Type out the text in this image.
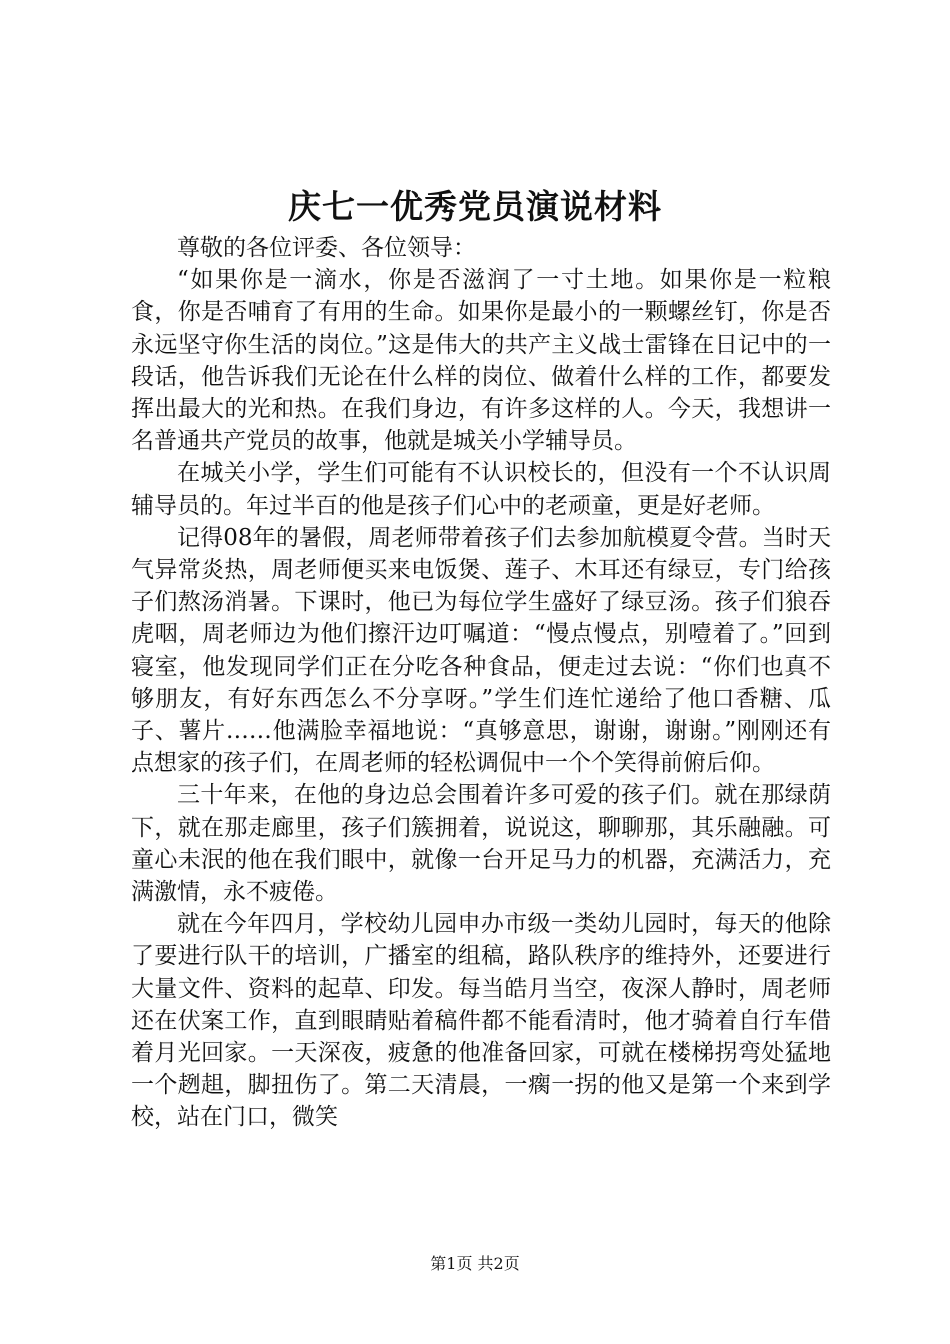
庆七一优秀党员演说材料

尊敬的各位评委、各位领导：

“如果你是一滴水，你是否滋润了一寸土地。如果你是一粒粮食，你是否哺育了有用的生命。如果你是最小的一颗螺丝钉，你是否永远坚守你生活的岗位。”这是伟大的共产主义战士雷锋在日记中的一段话，他告诉我们无论在什么样的岗位、做着什么样的工作，都要发挥出最大的光和热。在我们身边，有许多这样的人。今天，我想讲一名普通共产党员的故事，他就是城关小学辅导员。

在城关小学，学生们可能有不认识校长的，但没有一个不认识周辅导员的。年过半百的他是孩子们心中的老顽童，更是好老师。

记得08年的暑假，周老师带着孩子们去参加航模夏令营。当时天气异常炎热，周老师便买来电饭煲、莲子、木耳还有绿豆，专门给孩子们熬汤消暑。下课时，他已为每位学生盛好了绿豆汤。孩子们狼吞虎咽，周老师边为他们擦汗边叮嘱道：“慢点慢点，别噎着了。”回到寝室，他发现同学们正在分吃各种食品，便走过去说：“你们也真不够朋友，有好东西怎么不分享呀。”学生们连忙递给了他口香糖、瓜子、薯片……他满脸幸福地说：“真够意思，谢谢，谢谢。”刚刚还有点想家的孩子们，在周老师的轻松调侃中一个个笑得前俯后仰。

三十年来，在他的身边总会围着许多可爱的孩子们。就在那绿荫下，就在那走廊里，孩子们簇拥着，说说这，聊聊那，其乐融融。可童心未泯的他在我们眼中，就像一台开足马力的机器，充满活力，充满激情，永不疲倦。

就在今年四月，学校幼儿园申办市级一类幼儿园时，每天的他除了要进行队干的培训，广播室的组稿，路队秩序的维持外，还要进行大量文件、资料的起草、印发。每当皓月当空，夜深人静时，周老师还在伏案工作，直到眼睛贴着稿件都不能看清时，他才骑着自行车借着月光回家。一天深夜，疲惫的他准备回家，可就在楼梯拐弯处猛地一个趔趄，脚扭伤了。第二天清晨，一瘸一拐的他又是第一个来到学校，站在门口，微笑

第1页 共2页
